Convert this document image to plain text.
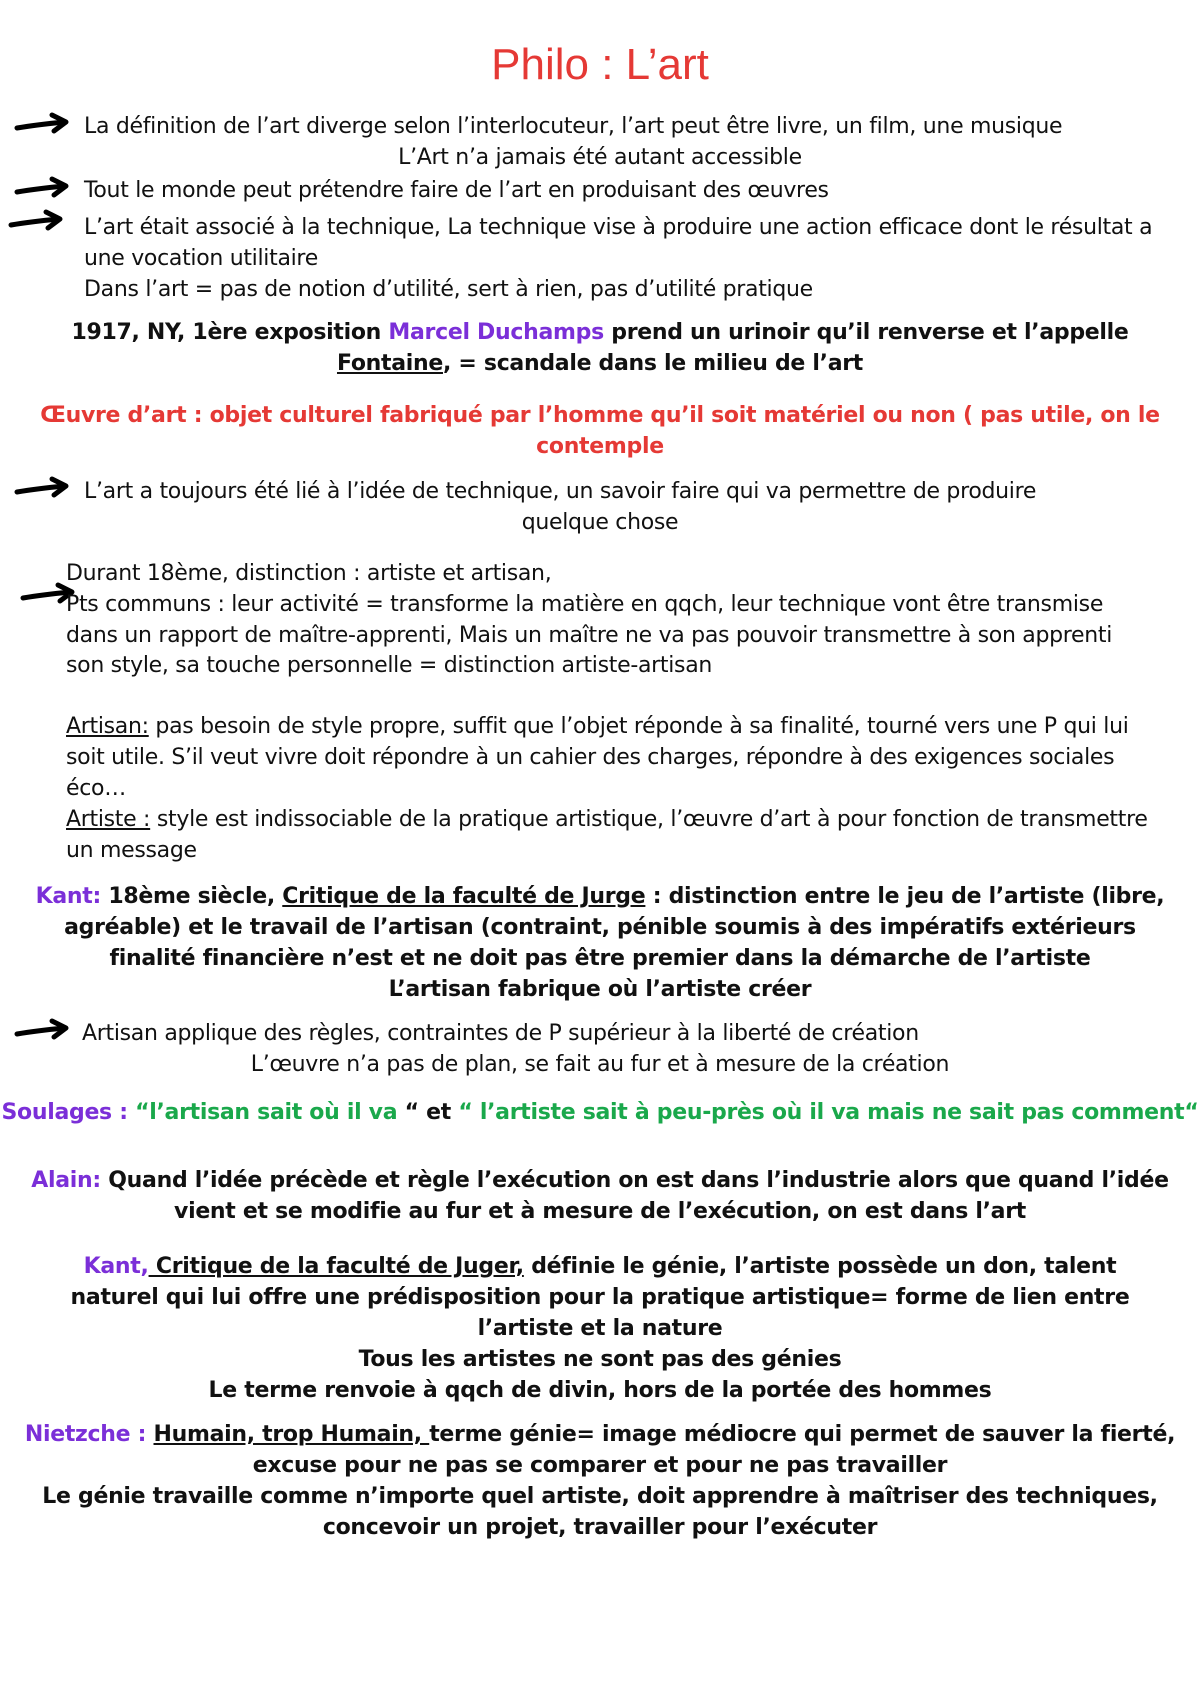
Philo : L’art
La définition de l’art diverge selon l’interlocuteur, l’art peut être livre, un film, une musique
L’Art n’a jamais été autant accessible
Tout le monde peut prétendre faire de l’art en produisant des œuvres
L’art était associé à la technique, La technique vise à produire une action efficace dont le résultat a
une vocation utilitaire
Dans l’art = pas de notion d’utilité, sert à rien, pas d’utilité pratique
1917, NY, 1ère exposition Marcel Duchamps prend un urinoir qu’il renverse et l’appelle
Fontaine, = scandale dans le milieu de l’art
Œuvre d’art : objet culturel fabriqué par l’homme qu’il soit matériel ou non ( pas utile, on le
contemple
L’art a toujours été lié à l’idée de technique, un savoir faire qui va permettre de produire
quelque chose
Durant 18ème, distinction : artiste et artisan,
Pts communs : leur activité = transforme la matière en qqch, leur technique vont être transmise
dans un rapport de maître-apprenti, Mais un maître ne va pas pouvoir transmettre à son apprenti
son style, sa touche personnelle = distinction artiste-artisan
Artisan: pas besoin de style propre, suffit que l’objet réponde à sa finalité, tourné vers une P qui lui
soit utile. S’il veut vivre doit répondre à un cahier des charges, répondre à des exigences sociales
éco…
Artiste : style est indissociable de la pratique artistique, l’œuvre d’art à pour fonction de transmettre
un message
Kant: 18ème siècle, Critique de la faculté de Jurge : distinction entre le jeu de l’artiste (libre,
agréable) et le travail de l’artisan (contraint, pénible soumis à des impératifs extérieurs
finalité financière n’est et ne doit pas être premier dans la démarche de l’artiste
L’artisan fabrique où l’artiste créer
Artisan applique des règles, contraintes de P supérieur à la liberté de création
L’œuvre n’a pas de plan, se fait au fur et à mesure de la création
Soulages : “l’artisan sait où il va “ et “ l’artiste sait à peu-près où il va mais ne sait pas comment“
Alain: Quand l’idée précède et règle l’exécution on est dans l’industrie alors que quand l’idée
vient et se modifie au fur et à mesure de l’exécution, on est dans l’art
Kant, Critique de la faculté de Juger, définie le génie, l’artiste possède un don, talent
naturel qui lui offre une prédisposition pour la pratique artistique= forme de lien entre
l’artiste et la nature
Tous les artistes ne sont pas des génies
Le terme renvoie à qqch de divin, hors de la portée des hommes
Nietzche : Humain, trop Humain, terme génie= image médiocre qui permet de sauver la fierté,
excuse pour ne pas se comparer et pour ne pas travailler
Le génie travaille comme n’importe quel artiste, doit apprendre à maîtriser des techniques,
concevoir un projet, travailler pour l’exécuter
